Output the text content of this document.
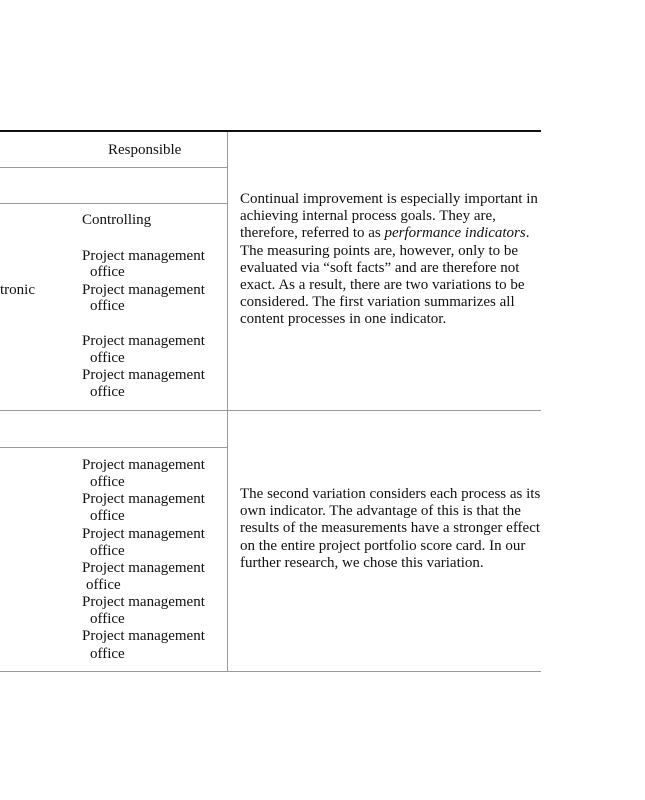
Responsible
tronic
Controlling
Project management
office
Project management
office
Project management
office
Project management
office
Continual improvement is especially important in achieving internal process goals. They are, therefore, referred to as performance indicators. The measuring points are, however, only to be evaluated via “soft facts” and are therefore not exact. As a result, there are two variations to be considered. The first variation summarizes all content processes in one indicator.
Project management
office
Project management
office
Project management
office
Project management
office
Project management
office
Project management
office
The second variation considers each process as its own indicator. The advantage of this is that the results of the measurements have a stronger effect on the entire project portfolio score card. In our further research, we chose this variation.
